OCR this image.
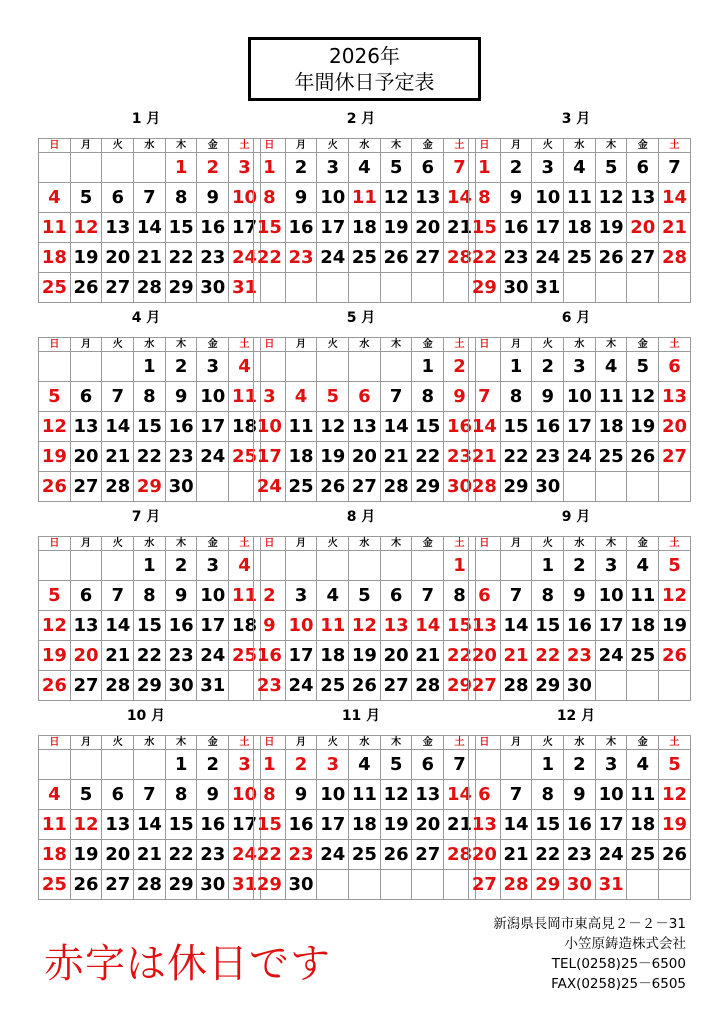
2026年
年間休日予定表
1 月
日	月	火	水	木	金	土
				1	2	3
4	5	6	7	8	9	10
11	12	13	14	15	16	17
18	19	20	21	22	23	24
25	26	27	28	29	30	31
2 月
日	月	火	水	木	金	土
1	2	3	4	5	6	7
8	9	10	11	12	13	14
15	16	17	18	19	20	21
22	23	24	25	26	27	28

3 月
日	月	火	水	木	金	土
1	2	3	4	5	6	7
8	9	10	11	12	13	14
15	16	17	18	19	20	21
22	23	24	25	26	27	28
29	30	31				
4 月
日	月	火	水	木	金	土
			1	2	3	4
5	6	7	8	9	10	11
12	13	14	15	16	17	18
19	20	21	22	23	24	25
26	27	28	29	30		
5 月
日	月	火	水	木	金	土
					1	2
3	4	5	6	7	8	9
10	11	12	13	14	15	16
17	18	19	20	21	22	23
24	25	26	27	28	29	30
6 月
日	月	火	水	木	金	土
	1	2	3	4	5	6
7	8	9	10	11	12	13
14	15	16	17	18	19	20
21	22	23	24	25	26	27
28	29	30				
7 月
日	月	火	水	木	金	土
			1	2	3	4
5	6	7	8	9	10	11
12	13	14	15	16	17	18
19	20	21	22	23	24	25
26	27	28	29	30	31	
8 月
日	月	火	水	木	金	土
						1
2	3	4	5	6	7	8
9	10	11	12	13	14	15
16	17	18	19	20	21	22
23	24	25	26	27	28	29
9 月
日	月	火	水	木	金	土
		1	2	3	4	5
6	7	8	9	10	11	12
13	14	15	16	17	18	19
20	21	22	23	24	25	26
27	28	29	30			
10 月
日	月	火	水	木	金	土
				1	2	3
4	5	6	7	8	9	10
11	12	13	14	15	16	17
18	19	20	21	22	23	24
25	26	27	28	29	30	31
11 月
日	月	火	水	木	金	土
1	2	3	4	5	6	7
8	9	10	11	12	13	14
15	16	17	18	19	20	21
22	23	24	25	26	27	28
29	30					
12 月
日	月	火	水	木	金	土
		1	2	3	4	5
6	7	8	9	10	11	12
13	14	15	16	17	18	19
20	21	22	23	24	25	26
27	28	29	30	31		
赤字は休日です
新潟県長岡市東高見２－２－31
小笠原鋳造株式会社
TEL(0258)25－6500
FAX(0258)25－6505
